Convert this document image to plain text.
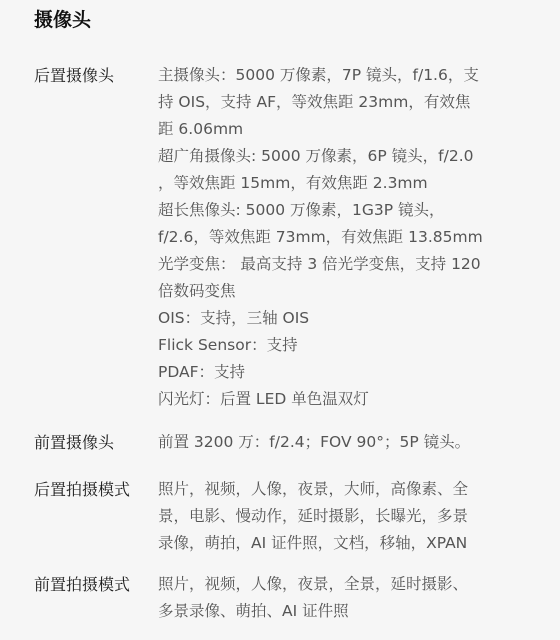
摄像头
后置摄像头	主摄像头：5000 万像素，7P 镜头，f/1.6，支
持 OIS，支持 AF，等效焦距 23mm，有效焦
距 6.06mm
超广角摄像头: 5000 万像素，6P 镜头，f/2.0
，等效焦距 15mm，有效焦距 2.3mm
超长焦像头: 5000 万像素，1G3P 镜头，
f/2.6，等效焦距 73mm，有效焦距 13.85mm
光学变焦： 最高支持 3 倍光学变焦，支持 120
倍数码变焦
OIS：支持，三轴 OIS
Flick Sensor：支持
PDAF：支持
闪光灯：后置 LED 单色温双灯
前置摄像头	前置 3200 万：f/2.4；FOV 90°；5P 镜头。
后置拍摄模式	照片，视频，人像，夜景，大师，高像素、全
景，电影、慢动作，延时摄影，长曝光，多景
录像，萌拍，AI 证件照，文档，移轴，XPAN
前置拍摄模式	照片，视频，人像，夜景，全景，延时摄影、
多景录像、萌拍、AI 证件照
